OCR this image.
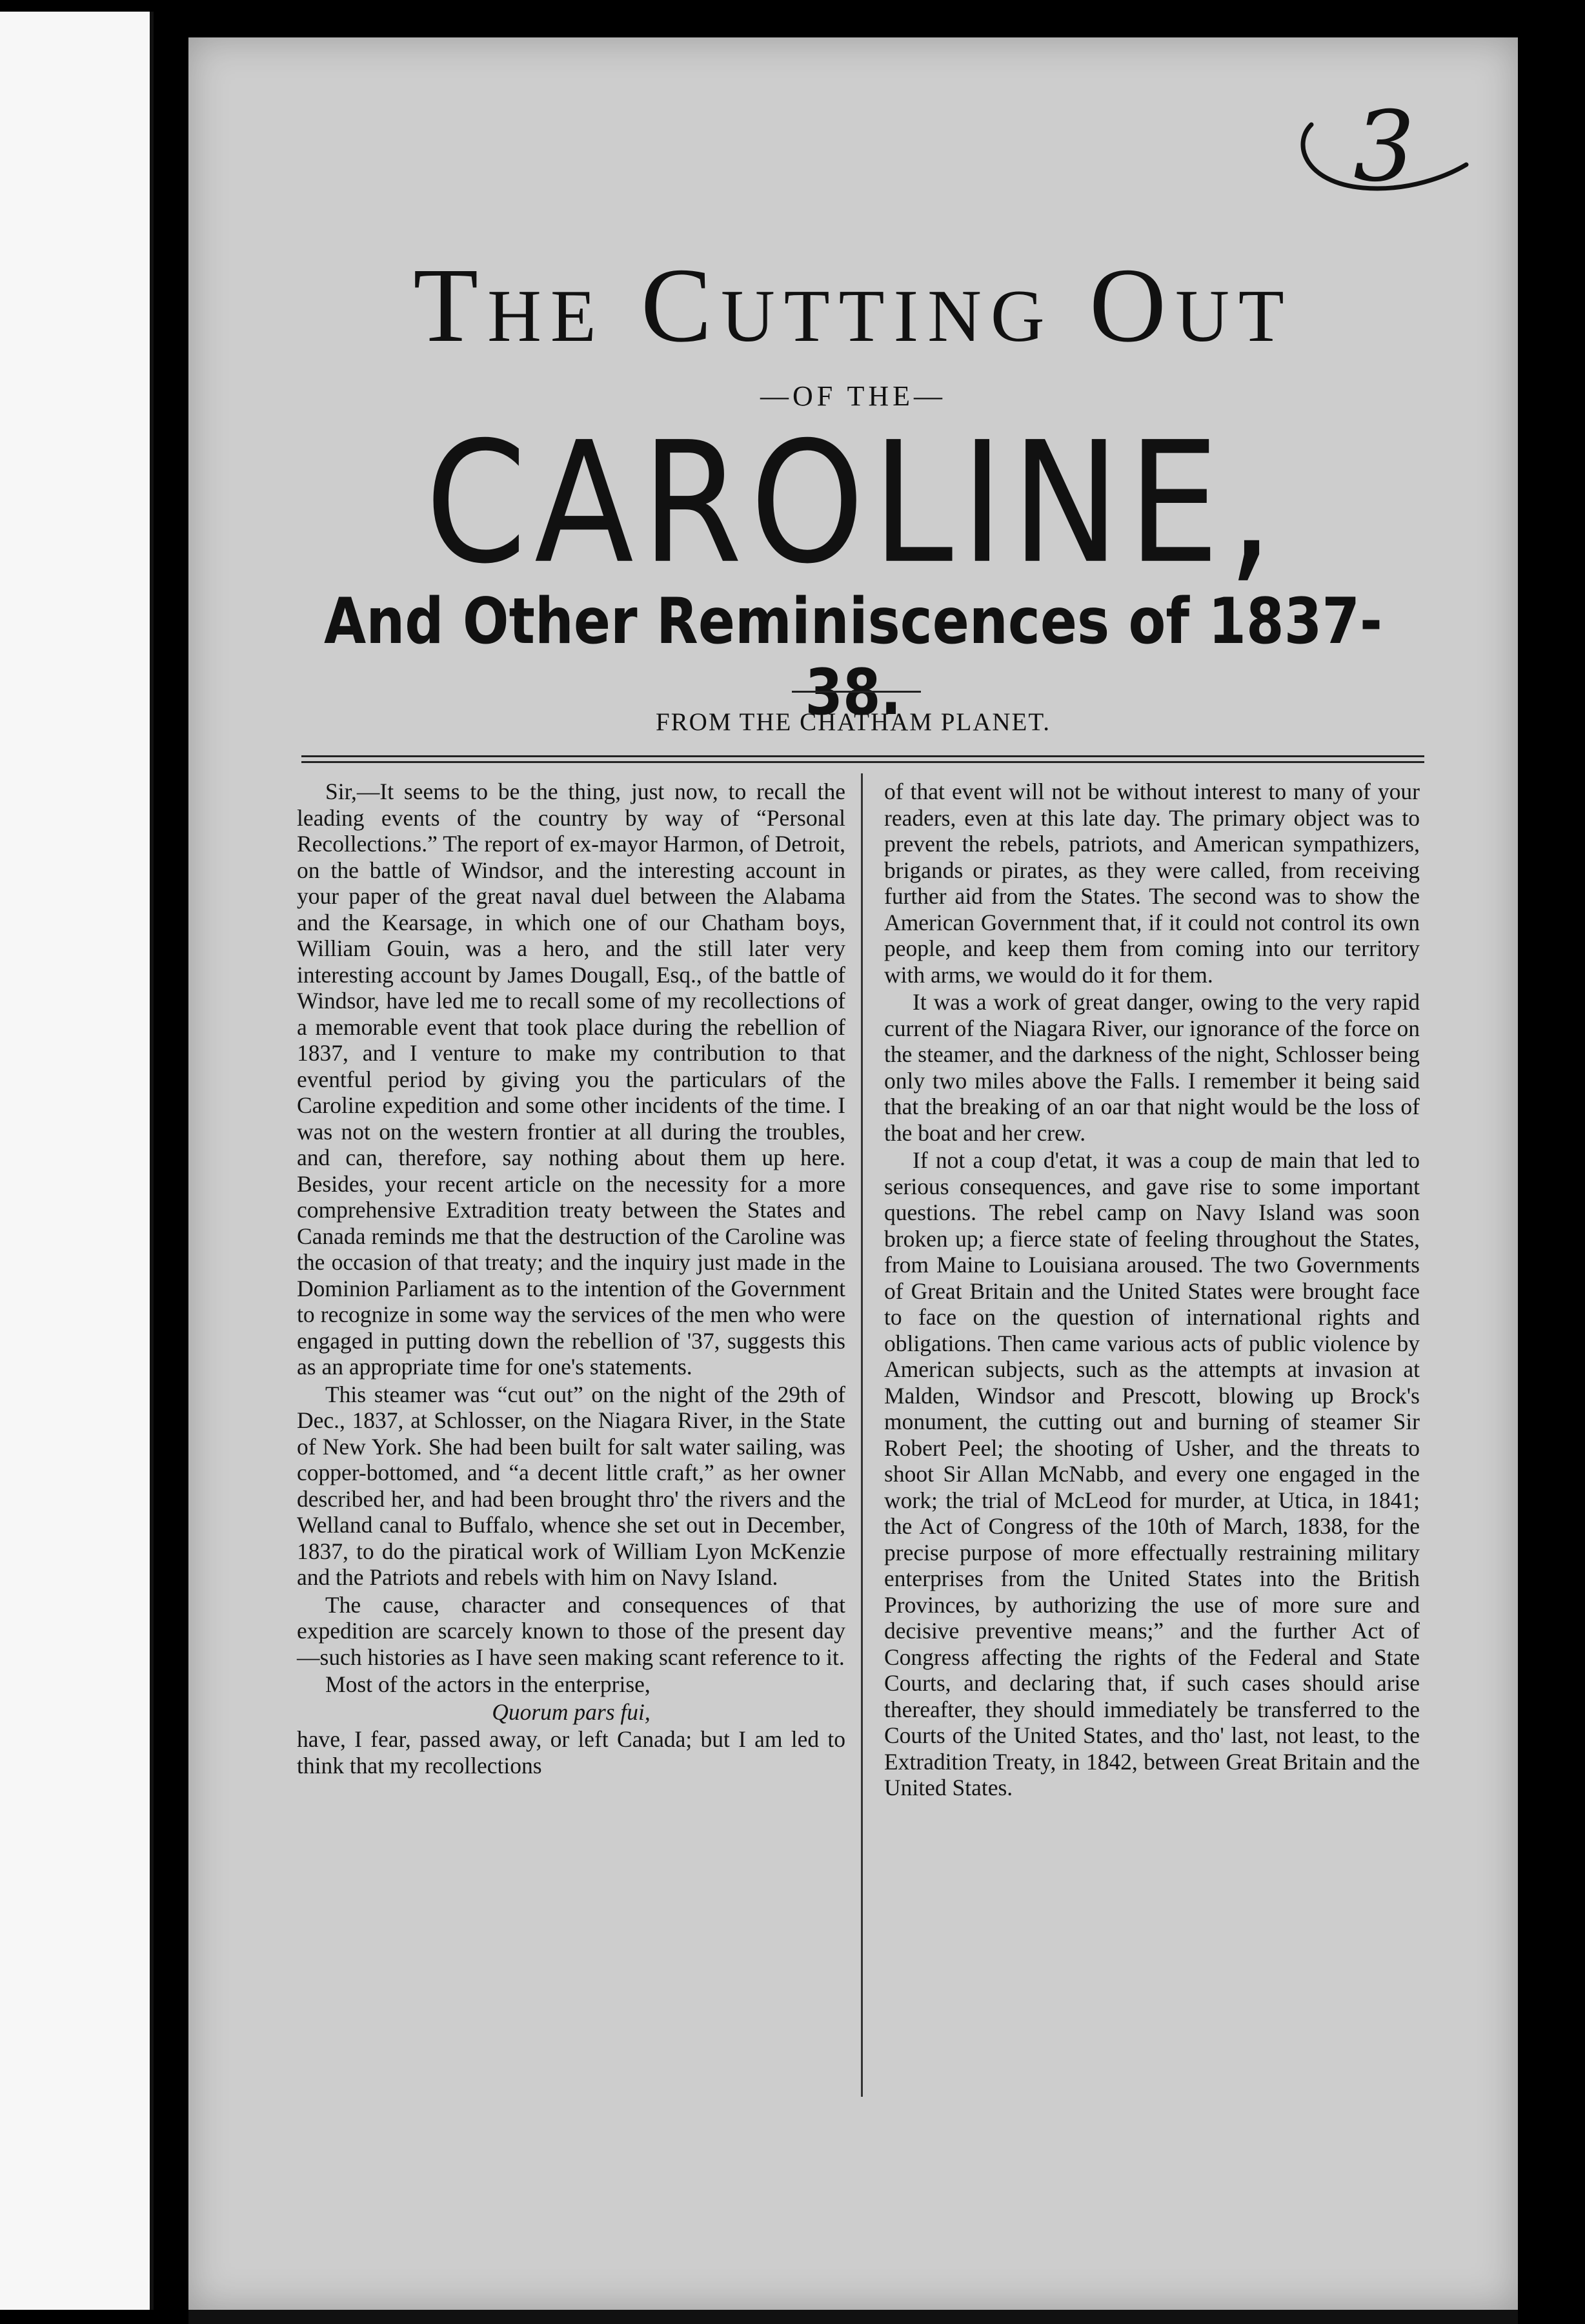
3
The Cutting Out
—OF THE—
CAROLINE,
And Other Reminiscences of 1837-38.
FROM THE CHATHAM PLANET.

Sir,—It seems to be the thing, just now, to recall the leading events of the country by way of “Personal Recollections.” The report of ex-mayor Harmon, of Detroit, on the battle of Windsor, and the interesting account in your paper of the great naval duel between the Alabama and the Kearsage, in which one of our Chatham boys, William Gouin, was a hero, and the still later very interesting account by James Dougall, Esq., of the battle of Windsor, have led me to recall some of my recollections of a memorable event that took place during the rebellion of 1837, and I venture to make my contribution to that eventful period by giving you the particulars of the Caroline expedition and some other incidents of the time. I was not on the western frontier at all during the troubles, and can, therefore, say nothing about them up here. Besides, your recent article on the necessity for a more comprehensive Extradition treaty between the States and Canada reminds me that the destruction of the Caroline was the occasion of that treaty; and the inquiry just made in the Dominion Parliament as to the intention of the Government to recognize in some way the services of the men who were engaged in putting down the rebellion of '37, suggests this as an appropriate time for one's statements.

This steamer was “cut out” on the night of the 29th of Dec., 1837, at Schlosser, on the Niagara River, in the State of New York. She had been built for salt water sailing, was copper-bottomed, and “a decent little craft,” as her owner described her, and had been brought thro' the rivers and the Welland canal to Buffalo, whence she set out in December, 1837, to do the piratical work of William Lyon McKenzie and the Patriots and rebels with him on Navy Island.

The cause, character and consequences of that expedition are scarcely known to those of the present day—such histories as I have seen making scant reference to it.

Most of the actors in the enterprise,

Quorum pars fui,

have, I fear, passed away, or left Canada; but I am led to think that my recollections

of that event will not be without interest to many of your readers, even at this late day. The primary object was to prevent the rebels, patriots, and American sympathizers, brigands or pirates, as they were called, from receiving further aid from the States. The second was to show the American Government that, if it could not control its own people, and keep them from coming into our territory with arms, we would do it for them.

It was a work of great danger, owing to the very rapid current of the Niagara River, our ignorance of the force on the steamer, and the darkness of the night, Schlosser being only two miles above the Falls. I remember it being said that the breaking of an oar that night would be the loss of the boat and her crew.

If not a coup d'etat, it was a coup de main that led to serious consequences, and gave rise to some important questions. The rebel camp on Navy Island was soon broken up; a fierce state of feeling throughout the States, from Maine to Louisiana aroused. The two Governments of Great Britain and the United States were brought face to face on the question of international rights and obligations. Then came various acts of public violence by American subjects, such as the attempts at invasion at Malden, Windsor and Prescott, blowing up Brock's monument, the cutting out and burning of steamer Sir Robert Peel; the shooting of Usher, and the threats to shoot Sir Allan McNabb, and every one engaged in the work; the trial of McLeod for murder, at Utica, in 1841; the Act of Congress of the 10th of March, 1838, for the precise purpose of more effectually restraining military enterprises from the United States into the British Provinces, by authorizing the use of more sure and decisive preventive means;” and the further Act of Congress affecting the rights of the Federal and State Courts, and declaring that, if such cases should arise thereafter, they should immediately be transferred to the Courts of the United States, and tho' last, not least, to the Extradition Treaty, in 1842, between Great Britain and the United States.
